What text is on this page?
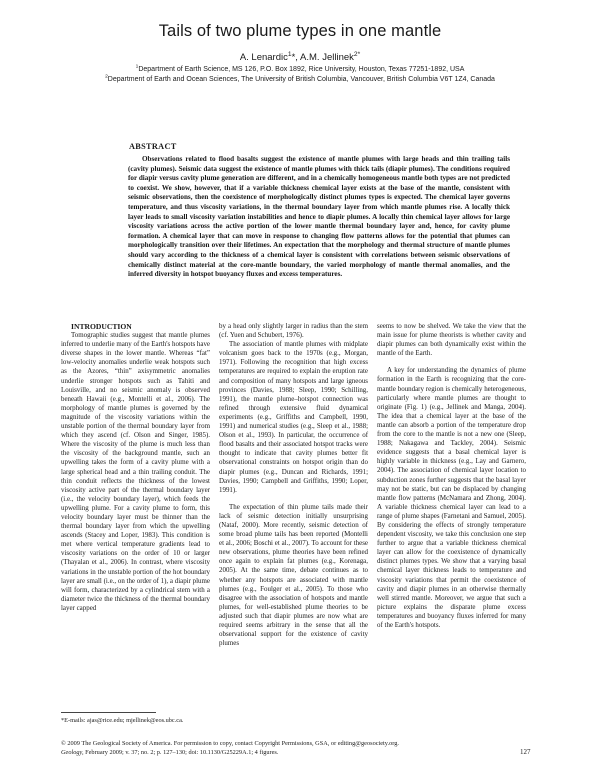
Tails of two plume types in one mantle
A. Lenardic$^1$*, A.M. Jellinek$^{2*}$
$^1$Department of Earth Science, MS 126, P.O. Box 1892, Rice University, Houston, Texas 77251-1892, USA
$^2$Department of Earth and Ocean Sciences, The University of British Columbia, Vancouver, British Columbia V6T 1Z4, Canada
ABSTRACT

Observations related to flood basalts suggest the existence of mantle plumes with large heads and thin trailing tails (cavity plumes). Seismic data suggest the existence of mantle plumes with thick tails (diapir plumes). The conditions required for diapir versus cavity plume generation are different, and in a chemically homogeneous mantle both types are not predicted to coexist. We show, however, that if a variable thickness chemical layer exists at the base of the mantle, consistent with seismic observations, then the coexistence of morphologically distinct plumes types is expected. The chemical layer governs temperature, and thus viscosity variations, in the thermal boundary layer from which mantle plumes rise. A locally thick layer leads to small viscosity variation instabilities and hence to diapir plumes. A locally thin chemical layer allows for large viscosity variations across the active portion of the lower mantle thermal boundary layer and, hence, for cavity plume formation. A chemical layer that can move in response to changing flow patterns allows for the potential that plumes can morphologically transition over their lifetimes. An expectation that the morphology and thermal structure of mantle plumes should vary according to the thickness of a chemical layer is consistent with correlations between seismic observations of chemically distinct material at the core-mantle boundary, the varied morphology of mantle thermal anomalies, and the inferred diversity in hotspot buoyancy fluxes and excess temperatures.

INTRODUCTION

Tomographic studies suggest that mantle plumes inferred to underlie many of the Earth's hotspots have diverse shapes in the lower mantle. Whereas “fat” low-velocity anomalies underlie weak hotspots such as the Azores, “thin” axisymmetric anomalies underlie stronger hotspots such as Tahiti and Louisville, and no seismic anomaly is observed beneath Hawaii (e.g., Montelli et al., 2006). The morphology of mantle plumes is governed by the magnitude of the viscosity variations within the unstable portion of the thermal boundary layer from which they ascend (cf. Olson and Singer, 1985). Where the viscosity of the plume is much less than the viscosity of the background mantle, such an upwelling takes the form of a cavity plume with a large spherical head and a thin trailing conduit. The thin conduit reflects the thickness of the lowest viscosity active part of the thermal boundary layer (i.e., the velocity boundary layer), which feeds the upwelling plume. For a cavity plume to form, this velocity boundary layer must be thinner than the thermal boundary layer from which the upwelling ascends (Stacey and Loper, 1983). This condition is met where vertical temperature gradients lead to viscosity variations on the order of 10 or larger (Thayalan et al., 2006). In contrast, where viscosity variations in the unstable portion of the hot boundary layer are small (i.e., on the order of 1), a diapir plume will form, characterized by a cylindrical stem with a diameter twice the thickness of the thermal boundary layer capped

by a head only slightly larger in radius than the stem (cf. Yuen and Schubert, 1976).

The association of mantle plumes with midplate volcanism goes back to the 1970s (e.g., Morgan, 1971). Following the recognition that high excess temperatures are required to explain the eruption rate and composition of many hotspots and large igneous provinces (Davies, 1988; Sleep, 1990; Schilling, 1991), the mantle plume–hotspot connection was refined through extensive fluid dynamical experiments (e.g., Griffiths and Campbell, 1990, 1991) and numerical studies (e.g., Sleep et al., 1988; Olson et al., 1993). In particular, the occurrence of flood basalts and their associated hotspot tracks were thought to indicate that cavity plumes better fit observational constraints on hotspot origin than do diapir plumes (e.g., Duncan and Richards, 1991; Davies, 1990; Campbell and Griffiths, 1990; Loper, 1991).

The expectation of thin plume tails made their lack of seismic detection initially unsurprising (Nataf, 2000). More recently, seismic detection of some broad plume tails has been reported (Montelli et al., 2006; Boschi et al., 2007). To account for these new observations, plume theories have been refined once again to explain fat plumes (e.g., Korenaga, 2005). At the same time, debate continues as to whether any hotspots are associated with mantle plumes (e.g., Foulger et al., 2005). To those who disagree with the association of hotspots and mantle plumes, for well-established plume theories to be adjusted such that diapir plumes are now what are required seems arbitrary in the sense that all the observational support for the existence of cavity plumes

seems to now be shelved. We take the view that the main issue for plume theorists is whether cavity and diapir plumes can both dynamically exist within the mantle of the Earth.

A key for understanding the dynamics of plume formation in the Earth is recognizing that the core-mantle boundary region is chemically heterogeneous, particularly where mantle plumes are thought to originate (Fig. 1) (e.g., Jellinek and Manga, 2004). The idea that a chemical layer at the base of the mantle can absorb a portion of the temperature drop from the core to the mantle is not a new one (Sleep, 1988; Nakagawa and Tackley, 2004). Seismic evidence suggests that a basal chemical layer is highly variable in thickness (e.g., Lay and Garnero, 2004). The association of chemical layer location to subduction zones further suggests that the basal layer may not be static, but can be displaced by changing mantle flow patterns (McNamara and Zhong, 2004). A variable thickness chemical layer can lead to a range of plume shapes (Farnetani and Samuel, 2005). By considering the effects of strongly temperature dependent viscosity, we take this conclusion one step further to argue that a variable thickness chemical layer can allow for the coexistence of dynamically distinct plumes types. We show that a varying basal chemical layer thickness leads to temperature and viscosity variations that permit the coexistence of cavity and diapir plumes in an otherwise thermally well stirred mantle. Moreover, we argue that such a picture explains the disparate plume excess temperatures and buoyancy fluxes inferred for many of the Earth's hotspots.

*E-mails: ajas@rice.edu; mjellinek@eos.ubc.ca.
© 2009 The Geological Society of America. For permission to copy, contact Copyright Permissions, GSA, or editing@geosociety.org.
Geology, February 2009; v. 37; no. 2; p. 127–130; doi: 10.1130/G25229A.1; 4 figures.	127
